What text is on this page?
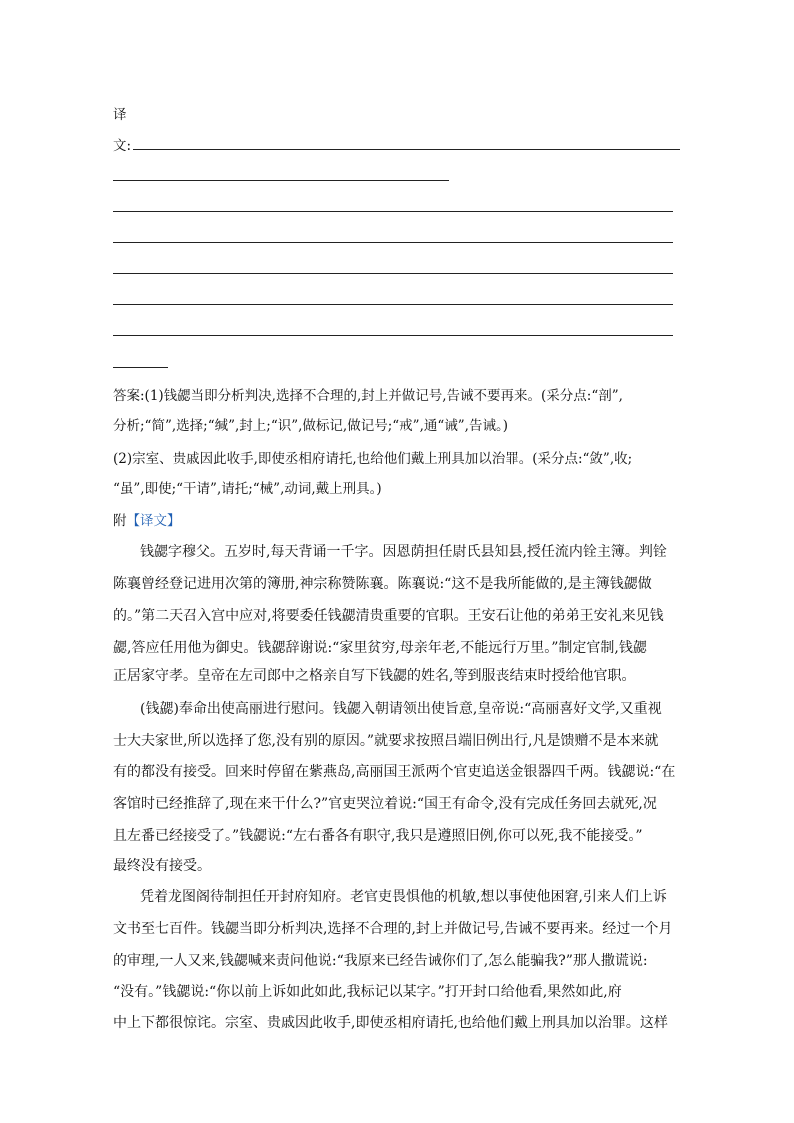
译
文:
答案:(1)钱勰当即分析判决,选择不合理的,封上并做记号,告诫不要再来。(采分点:“剖”,
分析;“简”,选择;“缄”,封上;“识”,做标记,做记号;“戒”,通“诫”,告诫。)
(2)宗室、贵戚因此收手,即使丞相府请托,也给他们戴上刑具加以治罪。(采分点:“敛”,收;
“虽”,即使;“干请”,请托;“械”,动词,戴上刑具。)
附【译文】
钱勰字穆父。五岁时,每天背诵一千字。因恩荫担任尉氏县知县,授任流内铨主簿。判铨
陈襄曾经登记进用次第的簿册,神宗称赞陈襄。陈襄说:“这不是我所能做的,是主簿钱勰做
的。”第二天召入宫中应对,将要委任钱勰清贵重要的官职。王安石让他的弟弟王安礼来见钱
勰,答应任用他为御史。钱勰辞谢说:“家里贫穷,母亲年老,不能远行万里。”制定官制,钱勰
正居家守孝。皇帝在左司郎中之格亲自写下钱勰的姓名,等到服丧结束时授给他官职。
(钱勰)奉命出使高丽进行慰问。钱勰入朝请领出使旨意,皇帝说:“高丽喜好文学,又重视
士大夫家世,所以选择了您,没有别的原因。”就要求按照吕端旧例出行,凡是馈赠不是本来就
有的都没有接受。回来时停留在紫燕岛,高丽国王派两个官吏追送金银器四千两。钱勰说:“在
客馆时已经推辞了,现在来干什么?”官吏哭泣着说:“国王有命令,没有完成任务回去就死,况
且左番已经接受了。”钱勰说:“左右番各有职守,我只是遵照旧例,你可以死,我不能接受。”
最终没有接受。
凭着龙图阁待制担任开封府知府。老官吏畏惧他的机敏,想以事使他困窘,引来人们上诉
文书至七百件。钱勰当即分析判决,选择不合理的,封上并做记号,告诫不要再来。经过一个月
的审理,一人又来,钱勰喊来责问他说:“我原来已经告诫你们了,怎么能骗我?”那人撒谎说:
“没有。”钱勰说:“你以前上诉如此如此,我标记以某字。”打开封口给他看,果然如此,府
中上下都很惊诧。宗室、贵戚因此收手,即使丞相府请托,也给他们戴上刑具加以治罪。这样
